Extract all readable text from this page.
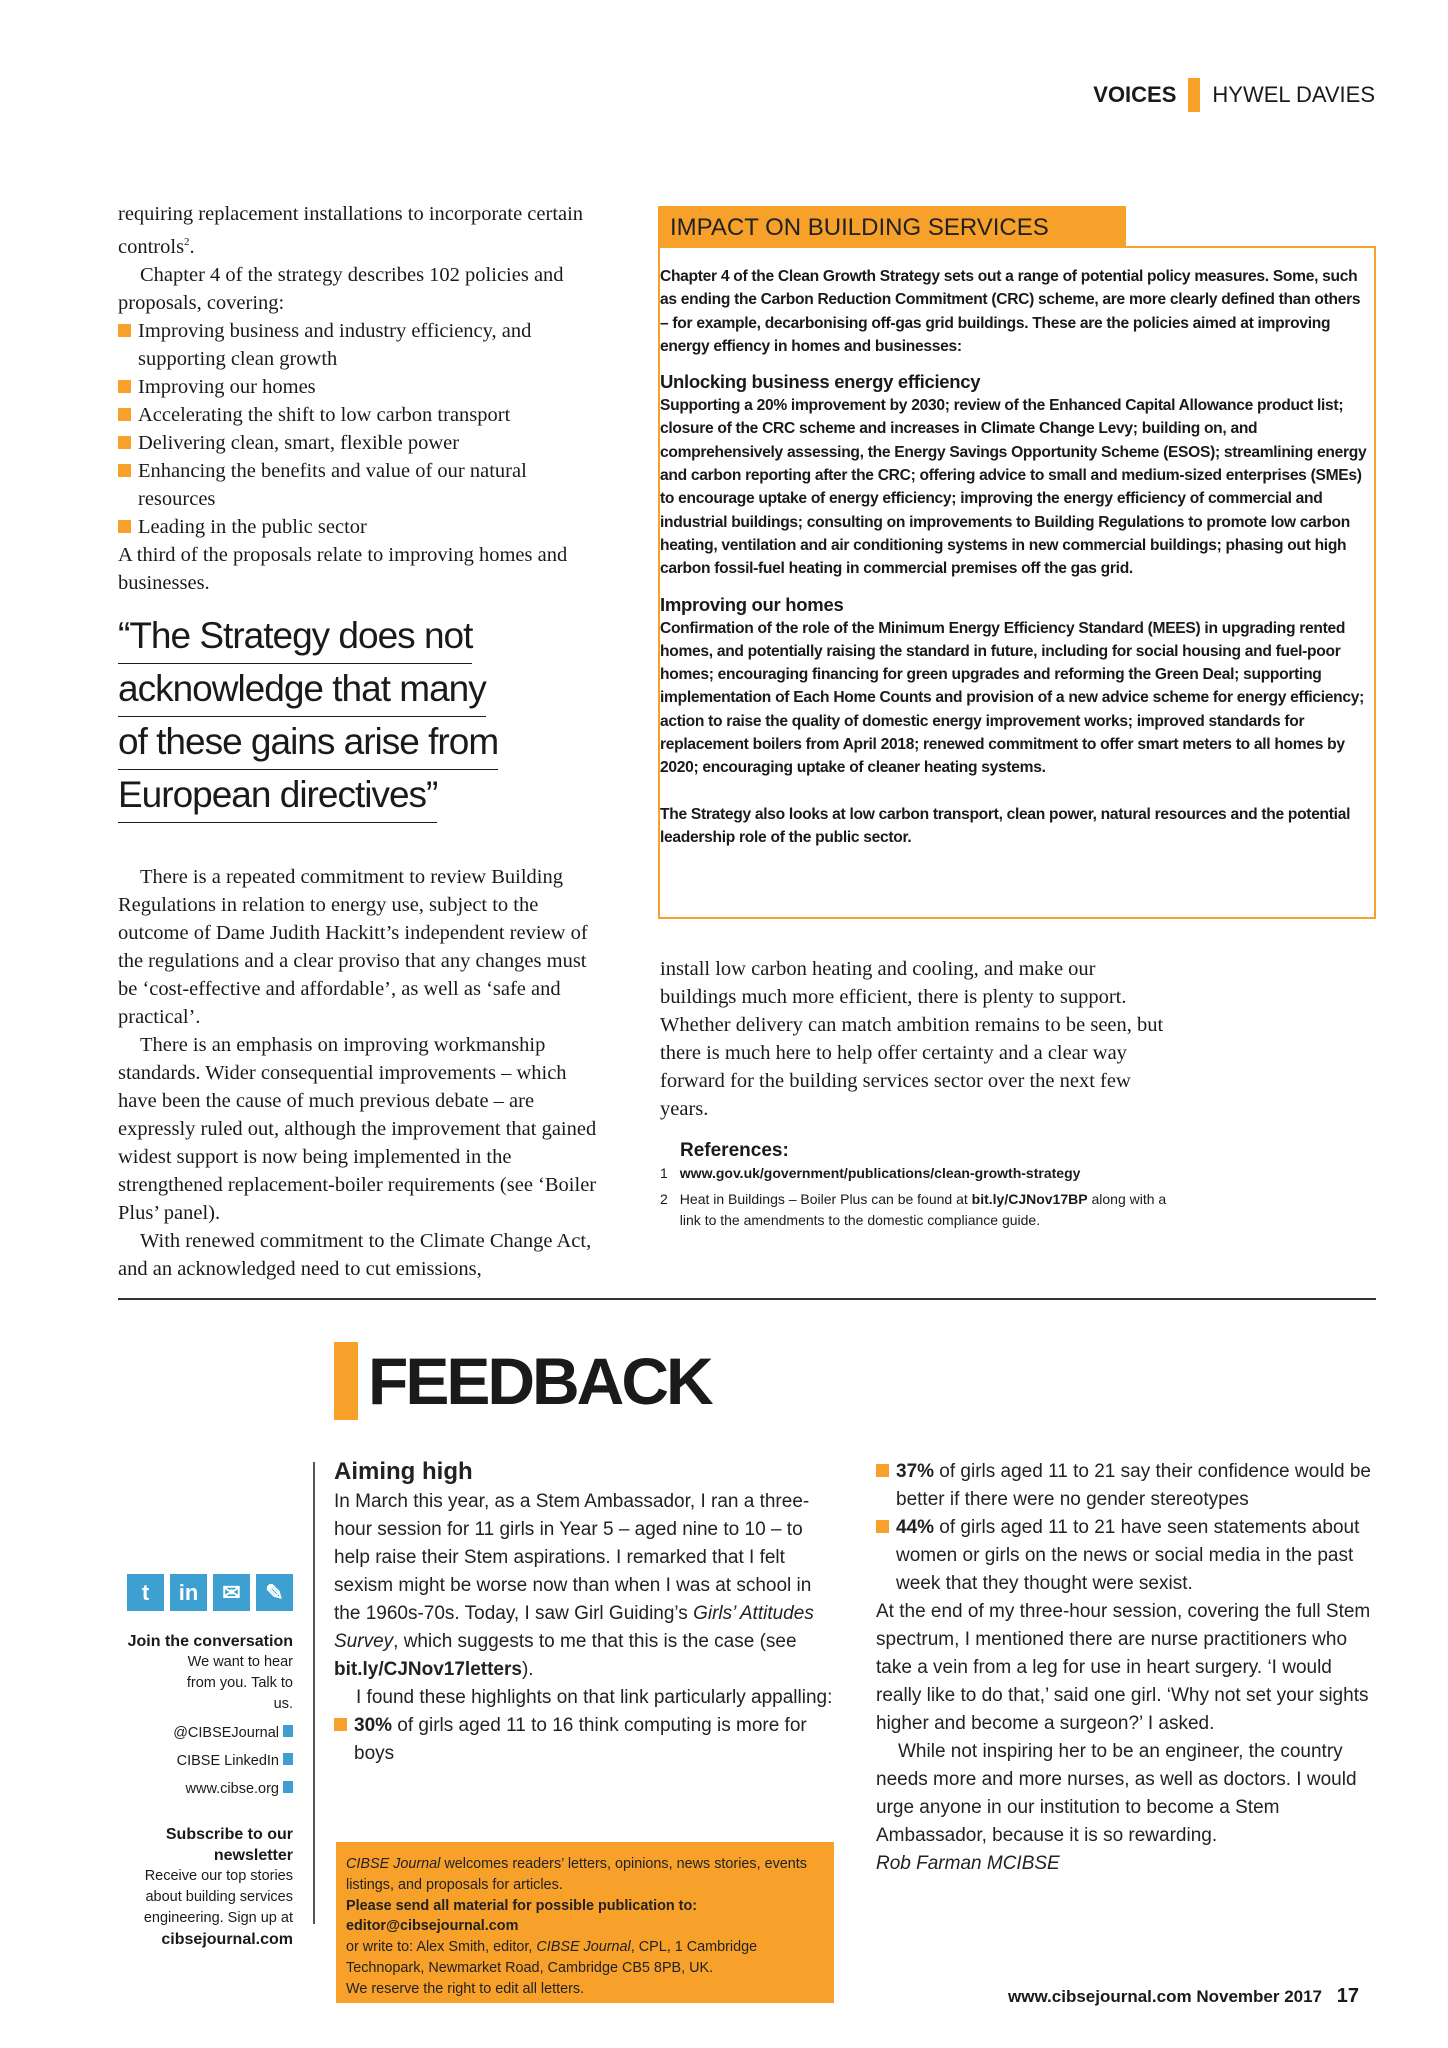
VOICES HYWEL DAVIES

requiring replacement installations to incorporate certain controls$^2$.

Chapter 4 of the strategy describes 102 policies and proposals, covering:

Improving business and industry efficiency, and supporting clean growth

Improving our homes

Accelerating the shift to low carbon transport

Delivering clean, smart, flexible power

Enhancing the benefits and value of our natural resources

Leading in the public sector

A third of the proposals relate to improving homes and businesses.

“The Strategy does not
acknowledge that many
of these gains arise from
European directives”

There is a repeated commitment to review Building Regulations in relation to energy use, subject to the outcome of Dame Judith Hackitt’s independent review of the regulations and a clear proviso that any changes must be ‘cost-effective and affordable’, as well as ‘safe and practical’.

There is an emphasis on improving workmanship standards. Wider consequential improvements – which have been the cause of much previous debate – are expressly ruled out, although the improvement that gained widest support is now being implemented in the strengthened replacement-boiler requirements (see ‘Boiler Plus’ panel).

With renewed commitment to the Climate Change Act, and an acknowledged need to cut emissions,

IMPACT ON BUILDING SERVICES

Chapter 4 of the Clean Growth Strategy sets out a range of potential policy measures. Some, such as ending the Carbon Reduction Commitment (CRC) scheme, are more clearly defined than others – for example, decarbonising off-gas grid buildings. These are the policies aimed at improving energy effiency in homes and businesses:

Unlocking business energy efficiency

Supporting a 20% improvement by 2030; review of the Enhanced Capital Allowance product list; closure of the CRC scheme and increases in Climate Change Levy; building on, and comprehensively assessing, the Energy Savings Opportunity Scheme (ESOS); streamlining energy and carbon reporting after the CRC; offering advice to small and medium-sized enterprises (SMEs) to encourage uptake of energy efficiency; improving the energy efficiency of commercial and industrial buildings; consulting on improvements to Building Regulations to promote low carbon heating, ventilation and air conditioning systems in new commercial buildings; phasing out high carbon fossil-fuel heating in commercial premises off the gas grid.

Improving our homes

Confirmation of the role of the Minimum Energy Efficiency Standard (MEES) in upgrading rented homes, and potentially raising the standard in future, including for social housing and fuel-poor homes; encouraging financing for green upgrades and reforming the Green Deal; supporting implementation of Each Home Counts and provision of a new advice scheme for energy efficiency; action to raise the quality of domestic energy improvement works; improved standards for replacement boilers from April 2018; renewed commitment to offer smart meters to all homes by 2020; encouraging uptake of cleaner heating systems.

The Strategy also looks at low carbon transport, clean power, natural resources and the potential leadership role of the public sector.

install low carbon heating and cooling, and make our buildings much more efficient, there is plenty to support. Whether delivery can match ambition remains to be seen, but there is much here to help offer certainty and a clear way forward for the building services sector over the next few years.

References:
1 www.gov.uk/government/publications/clean-growth-strategy
2 Heat in Buildings – Boiler Plus can be found at bit.ly/CJNov17BP along with a link to the amendments to the domestic compliance guide.
FEEDBACK
t	in	✉	✎

Join the conversation

We want to hear from you. Talk to us.

@CIBSEJournal

CIBSE LinkedIn

www.cibse.org

Subscribe to our newsletter

Receive our top stories about building services engineering. Sign up at

cibsejournal.com

Aiming high

In March this year, as a Stem Ambassador, I ran a three-hour session for 11 girls in Year 5 – aged nine to 10 – to help raise their Stem aspirations. I remarked that I felt sexism might be worse now than when I was at school in the 1960s-70s. Today, I saw Girl Guiding’s Girls’ Attitudes Survey, which suggests to me that this is the case (see bit.ly/CJNov17letters).

I found these highlights on that link particularly appalling:

30% of girls aged 11 to 16 think computing is more for boys

37% of girls aged 11 to 21 say their confidence would be better if there were no gender stereotypes

44% of girls aged 11 to 21 have seen statements about women or girls on the news or social media in the past week that they thought were sexist.

At the end of my three-hour session, covering the full Stem spectrum, I mentioned there are nurse practitioners who take a vein from a leg for use in heart surgery. ‘I would really like to do that,’ said one girl. ‘Why not set your sights higher and become a surgeon?’ I asked.

While not inspiring her to be an engineer, the country needs more and more nurses, as well as doctors. I would urge anyone in our institution to become a Stem Ambassador, because it is so rewarding.

Rob Farman MCIBSE

CIBSE Journal welcomes readers’ letters, opinions, news stories, events listings, and proposals for articles.

Please send all material for possible publication to:

editor@cibsejournal.com

or write to: Alex Smith, editor, CIBSE Journal, CPL, 1 Cambridge Technopark, Newmarket Road, Cambridge CB5 8PB, UK.

We reserve the right to edit all letters.	www.cibsejournal.com November 2017 17
